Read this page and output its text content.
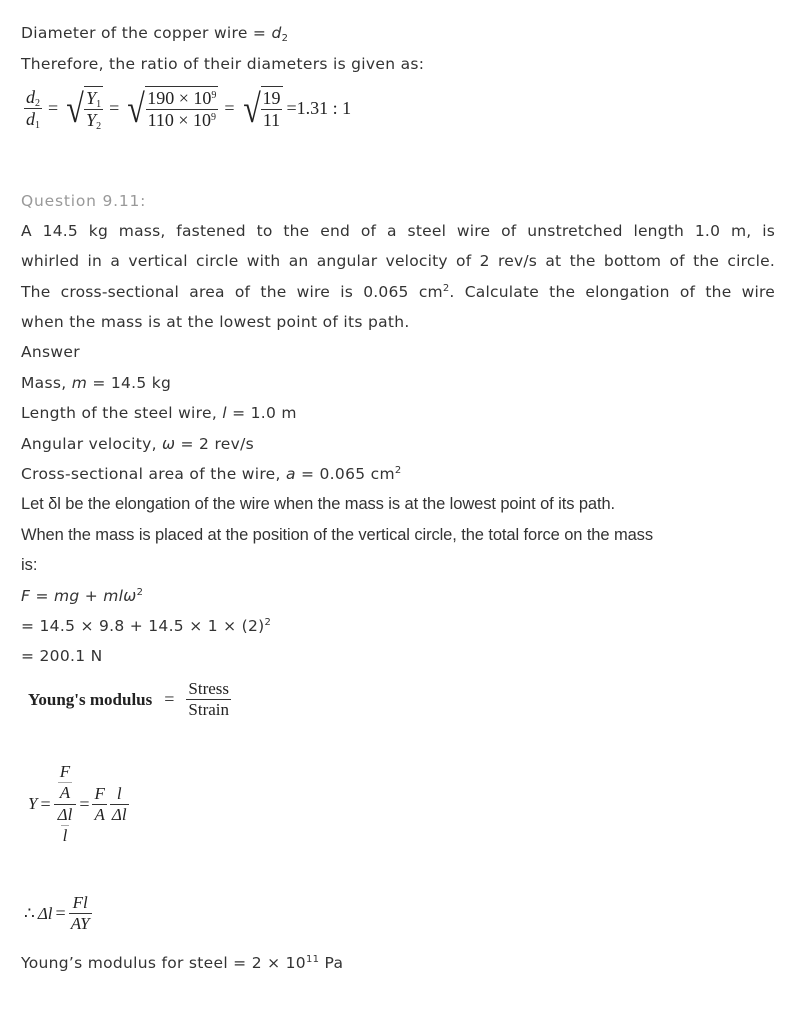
Diameter of the copper wire = $d_2$
Therefore, the ratio of their diameters is given as:
$\frac{d_2}{d_1}$ = √ $\frac{Y_1}{Y_2}$ = √ $\frac{190 \times 10^9}{110 \times 10^9}$ = √ $\frac{19}{11} =1.31$ : 1
Question 9.11:
A 14.5 kg mass, fastened to the end of a steel wire of unstretched length 1.0 m, is
whirled in a vertical circle with an angular velocity of 2 rev/s at the bottom of the circle.
The cross-sectional area of the wire is 0.065 $cm^2$. Calculate the elongation of the wire
when the mass is at the lowest point of its path.
Answer
Mass, m = 14.5 kg
Length of the steel wire, l = 1.0 m
Angular velocity, ω = 2 rev/s
Cross-sectional area of the wire, a = 0.065 $cm^2$
Let δl be the elongation of the wire when the mass is at the lowest point of its path.
When the mass is placed at the position of the vertical circle, the total force on the mass
is:
F = mg + mlω$^2$
= $14.5 \times 9.8 + 14.5 \times 1 \times (2)^2$
= 200.1 N
Young's modulus = $\frac{\text{Stress}}{\text{Strain}}$
$Y = \frac{\frac{F}{A}}{\frac{\Delta l}{l}} = \frac{F}{A} \frac{l}{\Delta l}$
∴ $\Delta l = \frac{Fl}{AY}$
Young’s modulus for steel = $2 \times 10^{11}$ Pa
